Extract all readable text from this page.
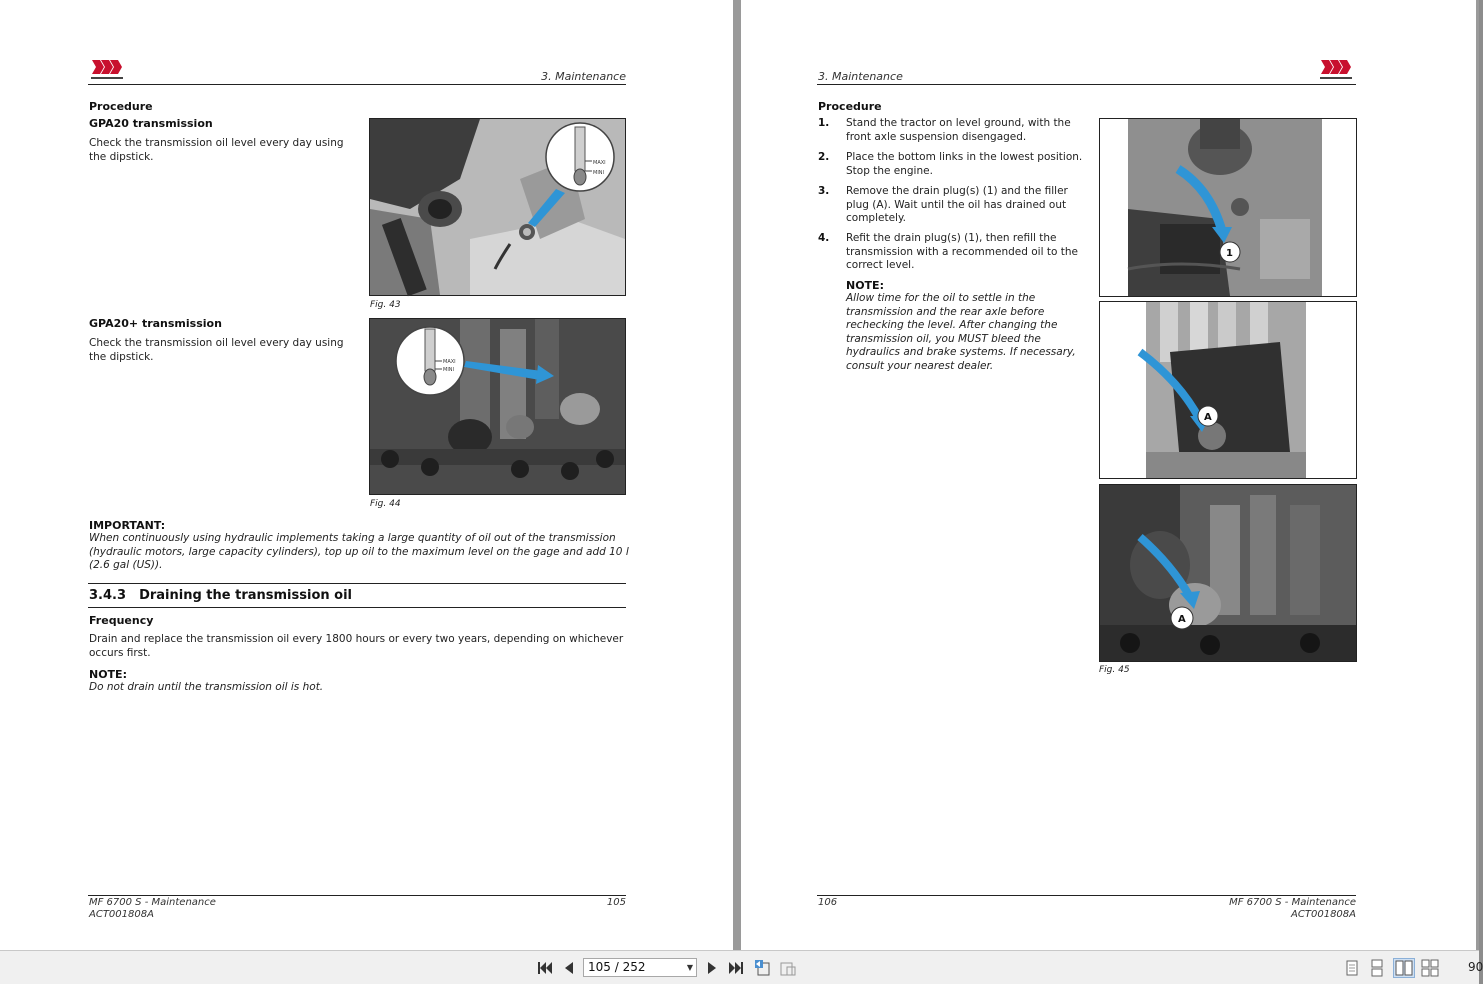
3. Maintenance
Procedure
GPA20 transmission
Check the transmission oil level every day using
the dipstick.
MAXI
MINI
Fig. 43
GPA20+ transmission
Check the transmission oil level every day using
the dipstick.	MAXI
MINI
Fig. 44
IMPORTANT:
When continuously using hydraulic implements taking a large quantity of oil out of the transmission
(hydraulic motors, large capacity cylinders), top up oil to the maximum level on the gage and add 10 l
(2.6 gal (US)).
3.4.3 Draining the transmission oil
Frequency
Drain and replace the transmission oil every 1800 hours or every two years, depending on whichever
occurs first.
NOTE:
Do not drain until the transmission oil is hot.
MF 6700 S - Maintenance
ACT001808A
105
3. Maintenance
Procedure
1. Stand the tractor on level ground, with the
front axle suspension disengaged.
2. Place the bottom links in the lowest position.
Stop the engine.
3. Remove the drain plug(s) (1) and the filler
plug (A). Wait until the oil has drained out
completely.
4. Refit the drain plug(s) (1), then refill the
transmission with a recommended oil to the
correct level.
NOTE:
Allow time for the oil to settle in the
transmission and the rear axle before
rechecking the level. After changing the
transmission oil, you MUST bleed the
hydraulics and brake systems. If necessary,
consult your nearest dealer.
1
A
A
Fig. 45
106	MF 6700 S - Maintenance
ACT001808A
105 / 252	▼	90
